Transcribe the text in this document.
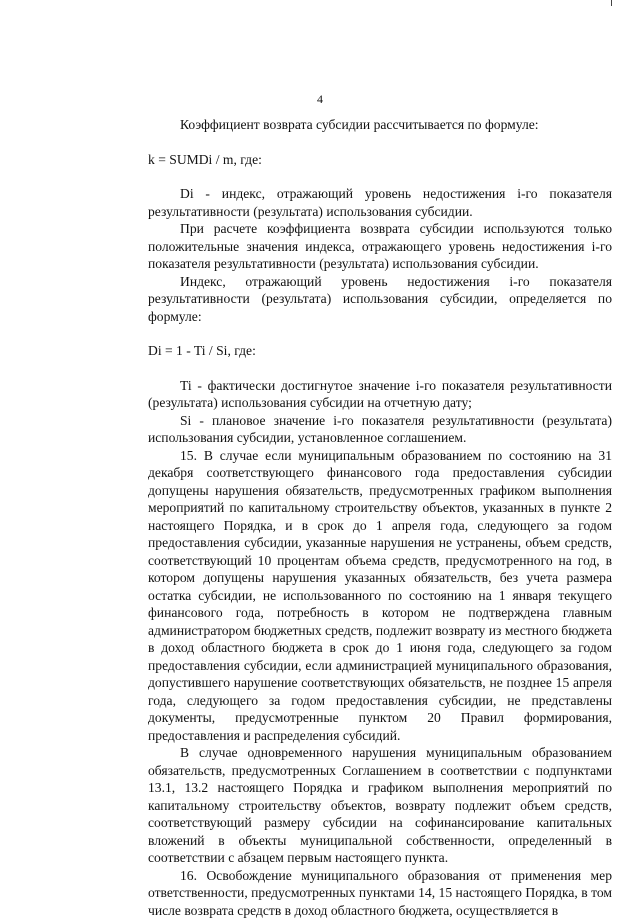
4

Коэффициент возврата субсидии рассчитывается по формуле:

k = SUMDi / m, где:

Di - индекс, отражающий уровень недостижения i-го показателя результативности (результата) использования субсидии.

При расчете коэффициента возврата субсидии используются только положительные значения индекса, отражающего уровень недостижения i-го показателя результативности (результата) использования субсидии.

Индекс, отражающий уровень недостижения i-го показателя результативности (результата) использования субсидии, определяется по формуле:

Di = 1 - Ti / Si, где:

Ti - фактически достигнутое значение i-го показателя результативности (результата) использования субсидии на отчетную дату;

Si - плановое значение i-го показателя результативности (результата) использования субсидии, установленное соглашением.

15. В случае если муниципальным образованием по состоянию на 31 декабря соответствующего финансового года предоставления субсидии допущены нарушения обязательств, предусмотренных графиком выполнения мероприятий по капитальному строительству объектов, указанных в пункте 2 настоящего Порядка, и в срок до 1 апреля года, следующего за годом предоставления субсидии, указанные нарушения не устранены, объем средств, соответствующий 10 процентам объема средств, предусмотренного на год, в котором допущены нарушения указанных обязательств, без учета размера остатка субсидии, не использованного по состоянию на 1 января текущего финансового года, потребность в котором не подтверждена главным администратором бюджетных средств, подлежит возврату из местного бюджета в доход областного бюджета в срок до 1 июня года, следующего за годом предоставления субсидии, если администрацией муниципального образования, допустившего нарушение соответствующих обязательств, не позднее 15 апреля года, следующего за годом предоставления субсидии, не представлены документы, предусмотренные пунктом 20 Правил формирования, предоставления и распределения субсидий.

В случае одновременного нарушения муниципальным образованием обязательств, предусмотренных Соглашением в соответствии с подпунктами 13.1, 13.2 настоящего Порядка и графиком выполнения мероприятий по капитальному строительству объектов, возврату подлежит объем средств, соответствующий размеру субсидии на софинансирование капитальных вложений в объекты муниципальной собственности, определенный в соответствии с абзацем первым настоящего пункта.

16. Освобождение муниципального образования от применения мер ответственности, предусмотренных пунктами 14, 15 настоящего Порядка, в том числе возврата средств в доход областного бюджета, осуществляется в
